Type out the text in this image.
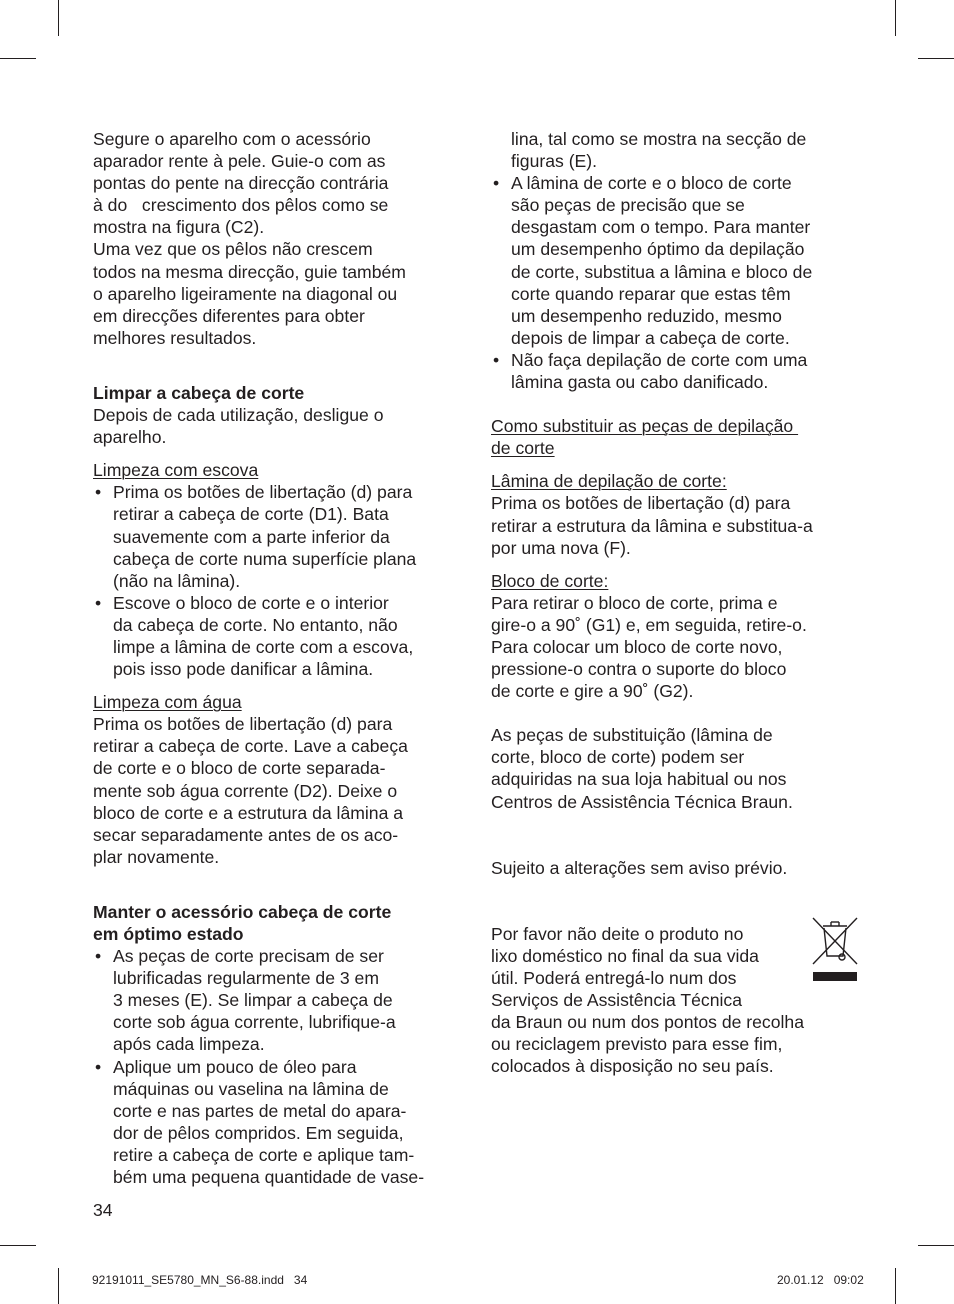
Segure o aparelho com o acessório

aparador rente à pele. Guie-o com as

pontas do pente na direcção contrária

à do   crescimento dos pêlos como se

mostra na figura (C2).

Uma vez que os pêlos não crescem

todos na mesma direcção, guie também

o aparelho ligeiramente na diagonal ou

em direcções diferentes para obter

melhores resultados.

Limpar a cabeça de corte

Depois de cada utilização, desligue o

aparelho.

Limpeza com escova

• Prima os botões de libertação (d) para

retirar a cabeça de corte (D1). Bata

suavemente com a parte inferior da

cabeça de corte numa superfície plana

(não na lâmina).

• Escove o bloco de corte e o interior

da cabeça de corte. No entanto, não

limpe a lâmina de corte com a escova,

pois isso pode danificar a lâmina.

Limpeza com água

Prima os botões de libertação (d) para

retirar a cabeça de corte. Lave a cabeça

de corte e o bloco de corte separada-

mente sob água corrente (D2). Deixe o

bloco de corte e a estrutura da lâmina a

secar separadamente antes de os aco-

plar novamente.

Manter o acessório cabeça de corte

em óptimo estado

• As peças de corte precisam de ser

lubrificadas regularmente de 3 em

3 meses (E). Se limpar a cabeça de

corte sob água corrente, lubrifique-a

após cada limpeza.

• Aplique um pouco de óleo para

máquinas ou vaselina na lâmina de

corte e nas partes de metal do apara-

dor de pêlos compridos. Em seguida,

retire a cabeça de corte e aplique tam-

bém uma pequena quantidade de vase-

lina, tal como se mostra na secção de

figuras (E).

• A lâmina de corte e o bloco de corte

são peças de precisão que se

desgastam com o tempo. Para manter

um desempenho óptimo da depilação

de corte, substitua a lâmina e bloco de

corte quando reparar que estas têm

um desempenho reduzido, mesmo

depois de limpar a cabeça de corte.

• Não faça depilação de corte com uma

lâmina gasta ou cabo danificado.

Como substituir as peças de depilação

de corte

Lâmina de depilação de corte:

Prima os botões de libertação (d) para

retirar a estrutura da lâmina e substitua-a

por uma nova (F).

Bloco de corte:

Para retirar o bloco de corte, prima e

gire-o a 90˚ (G1) e, em seguida, retire-o.

Para colocar um bloco de corte novo,

pressione-o contra o suporte do bloco

de corte e gire a 90˚ (G2).

As peças de substituição (lâmina de

corte, bloco de corte) podem ser

adquiridas na sua loja habitual ou nos

Centros de Assistência Técnica Braun.

Sujeito a alterações sem aviso prévio.

Por favor não deite o produto no

lixo doméstico no final da sua vida

útil. Poderá entregá-lo num dos

Serviços de Assistência Técnica

da Braun ou num dos pontos de recolha

ou reciclagem previsto para esse fim,

colocados à disposição no seu país.

34
92191011_SE5780_MN_S6-88.indd   34	20.01.12   09:02
